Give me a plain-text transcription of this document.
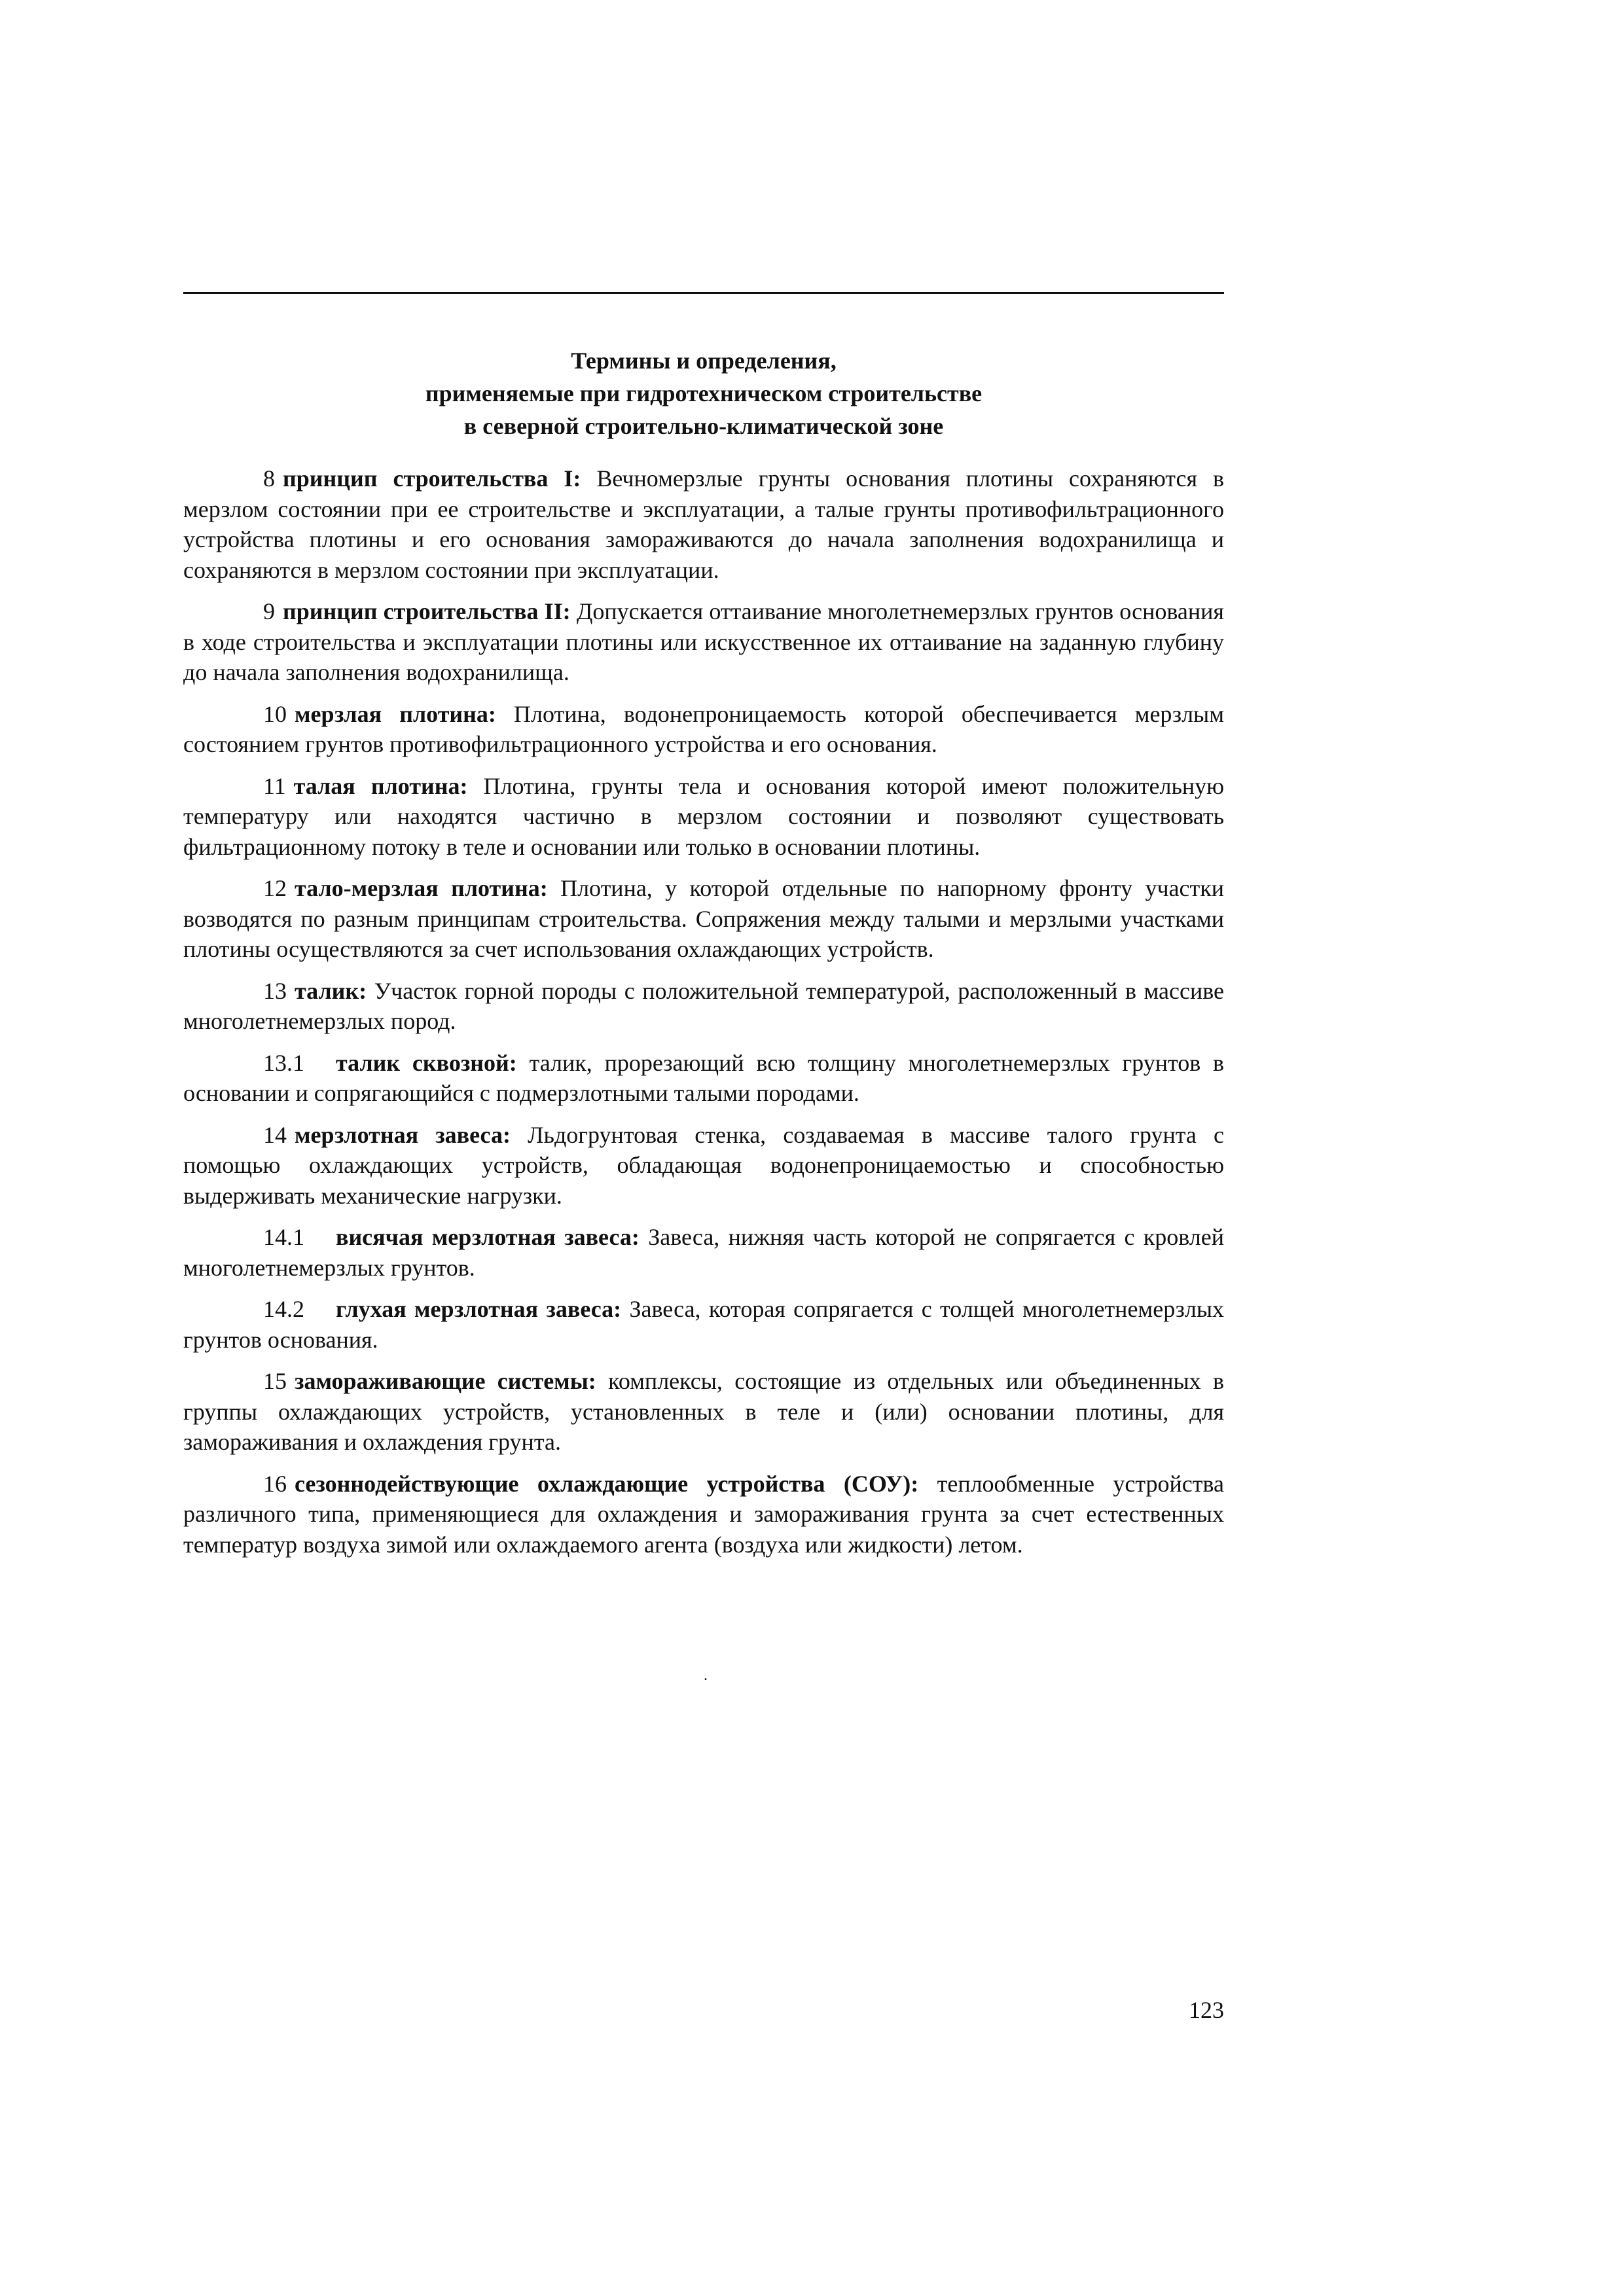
Термины и определения,
применяемые при гидротехническом строительстве
в северной строительно-климатической зоне

8 принцип строительства I: Вечномерзлые грунты основания плотины сохраняются в мерзлом состоянии при ее строительстве и эксплуатации, а талые грунты противофильтрационного устройства плотины и его основания замораживаются до начала заполнения водохранилища и сохраняются в мерзлом состоянии при эксплуатации.

9 принцип строительства II: Допускается оттаивание многолетнемерзлых грунтов основания в ходе строительства и эксплуатации плотины или искусственное их оттаивание на заданную глубину до начала заполнения водохранилища.

10 мерзлая плотина: Плотина, водонепроницаемость которой обеспечивается мерзлым состоянием грунтов противофильтрационного устройства и его основания.

11 талая плотина: Плотина, грунты тела и основания которой имеют положительную температуру или находятся частично в мерзлом состоянии и позволяют существовать фильтрационному потоку в теле и основании или только в основании плотины.

12 тало-мерзлая плотина: Плотина, у которой отдельные по напорному фронту участки возводятся по разным принципам строительства. Сопряжения между талыми и мерзлыми участками плотины осуществляются за счет использования охлаждающих устройств.

13 талик: Участок горной породы с положительной температурой, расположенный в массиве многолетнемерзлых пород.

13.1 талик сквозной: талик, прорезающий всю толщину многолетнемерзлых грунтов в основании и сопрягающийся с подмерзлотными талыми породами.

14 мерзлотная завеса: Льдогрунтовая стенка, создаваемая в массиве талого грунта с помощью охлаждающих устройств, обладающая водонепроницаемостью и способностью выдерживать механические нагрузки.

14.1 висячая мерзлотная завеса: Завеса, нижняя часть которой не сопрягается с кровлей многолетнемерзлых грунтов.

14.2 глухая мерзлотная завеса: Завеса, которая сопрягается с толщей многолетнемерзлых грунтов основания.

15 замораживающие системы: комплексы, состоящие из отдельных или объединенных в группы охлаждающих устройств, установленных в теле и (или) основании плотины, для замораживания и охлаждения грунта.

16 сезоннодействующие охлаждающие устройства (СОУ): теплообменные устройства различного типа, применяющиеся для охлаждения и замораживания грунта за счет естественных температур воздуха зимой или охлаждаемого агента (воздуха или жидкости) летом.

.
123
